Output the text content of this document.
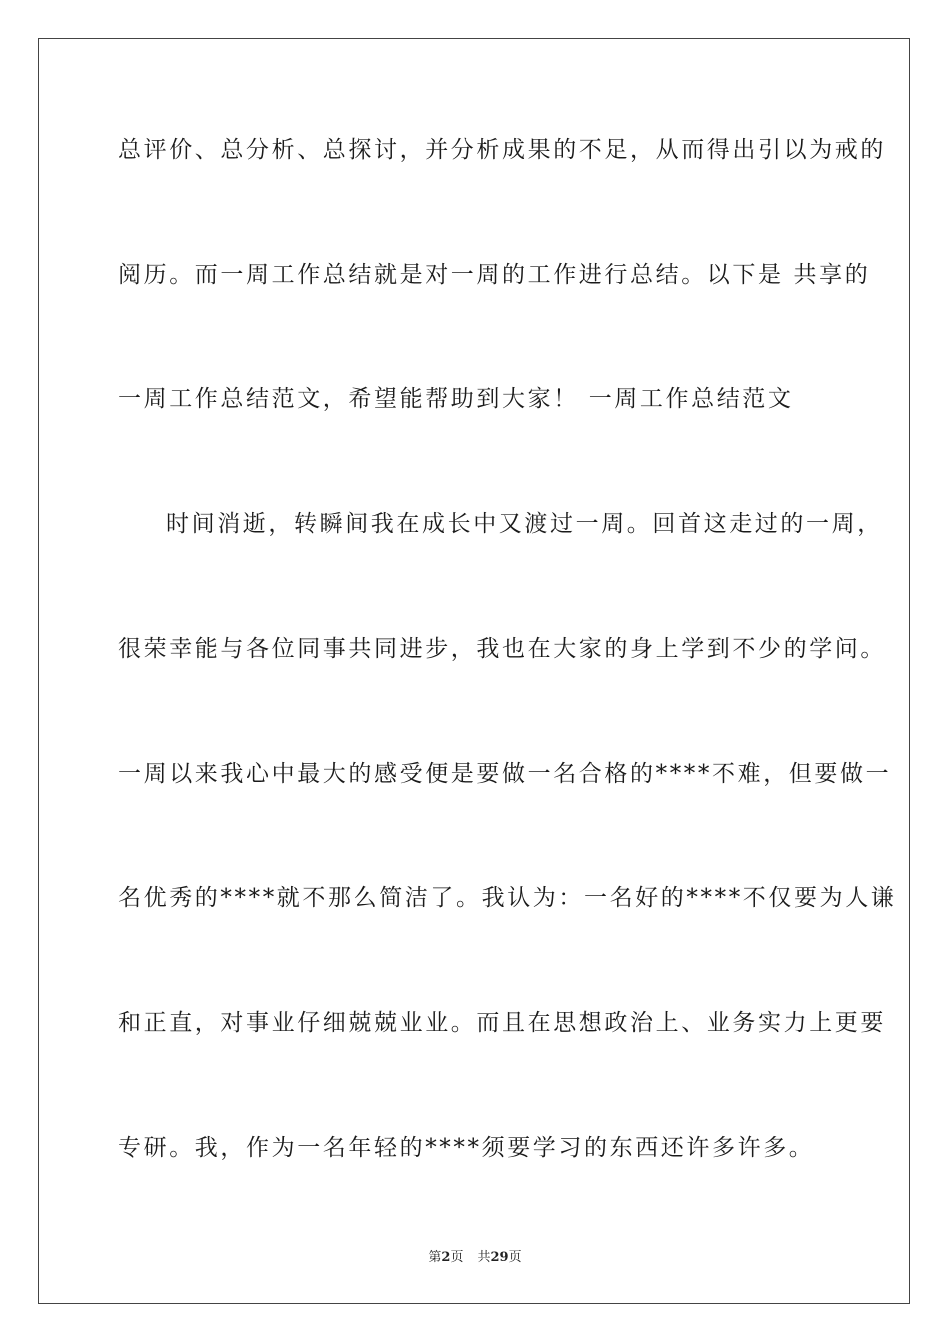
总评价、总分析、总探讨，并分析成果的不足，从而得出引以为戒的
阅历。而一周工作总结就是对一周的工作进行总结。以下是 共享的
一周工作总结范文，希望能帮助到大家！ 一周工作总结范文
时间消逝，转瞬间我在成长中又渡过一周。回首这走过的一周，
很荣幸能与各位同事共同进步，我也在大家的身上学到不少的学问。
一周以来我心中最大的感受便是要做一名合格的****不难，但要做一
名优秀的****就不那么简洁了。我认为：一名好的****不仅要为人谦
和正直，对事业仔细兢兢业业。而且在思想政治上、业务实力上更要
专研。我，作为一名年轻的****须要学习的东西还许多许多。
第2页 共29页
